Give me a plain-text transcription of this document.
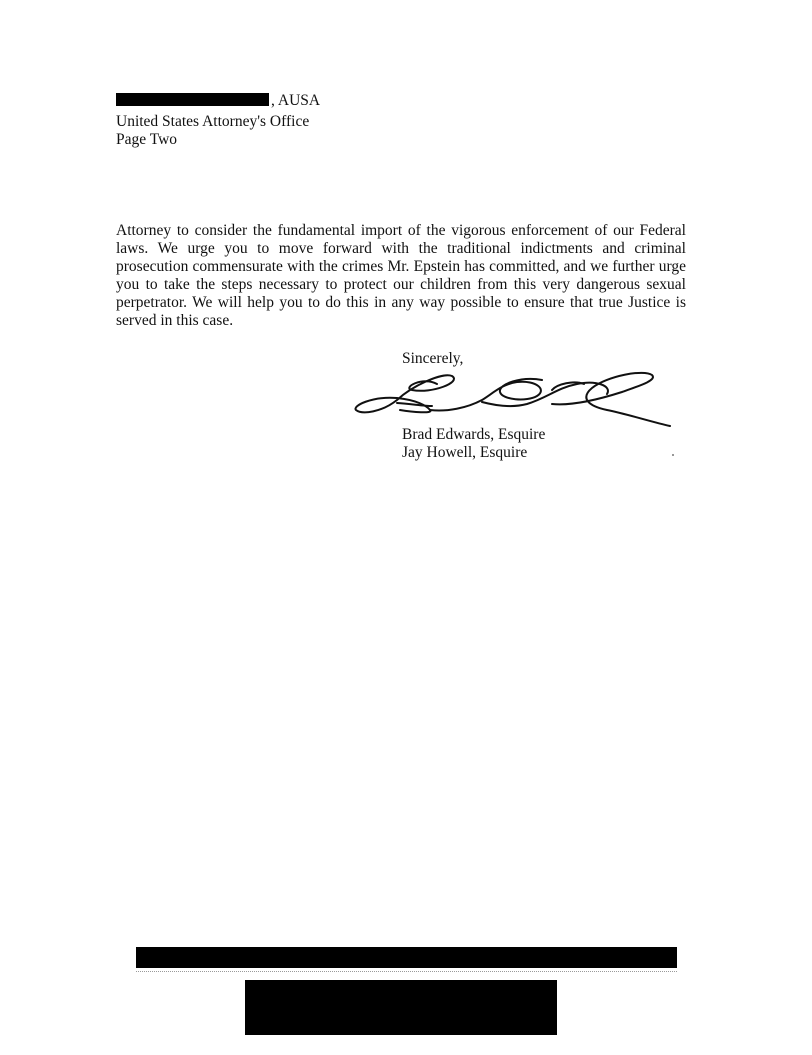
, AUSA
United States Attorney's Office
Page Two
Attorney to consider the fundamental import of the vigorous enforcement of our Federal laws. We urge you to move forward with the traditional indictments and criminal prosecution commensurate with the crimes Mr. Epstein has committed, and we further urge you to take the steps necessary to protect our children from this very dangerous sexual perpetrator. We will help you to do this in any way possible to ensure that true Justice is served in this case.
Sincerely,
Brad Edwards, Esquire
Jay Howell, Esquire
